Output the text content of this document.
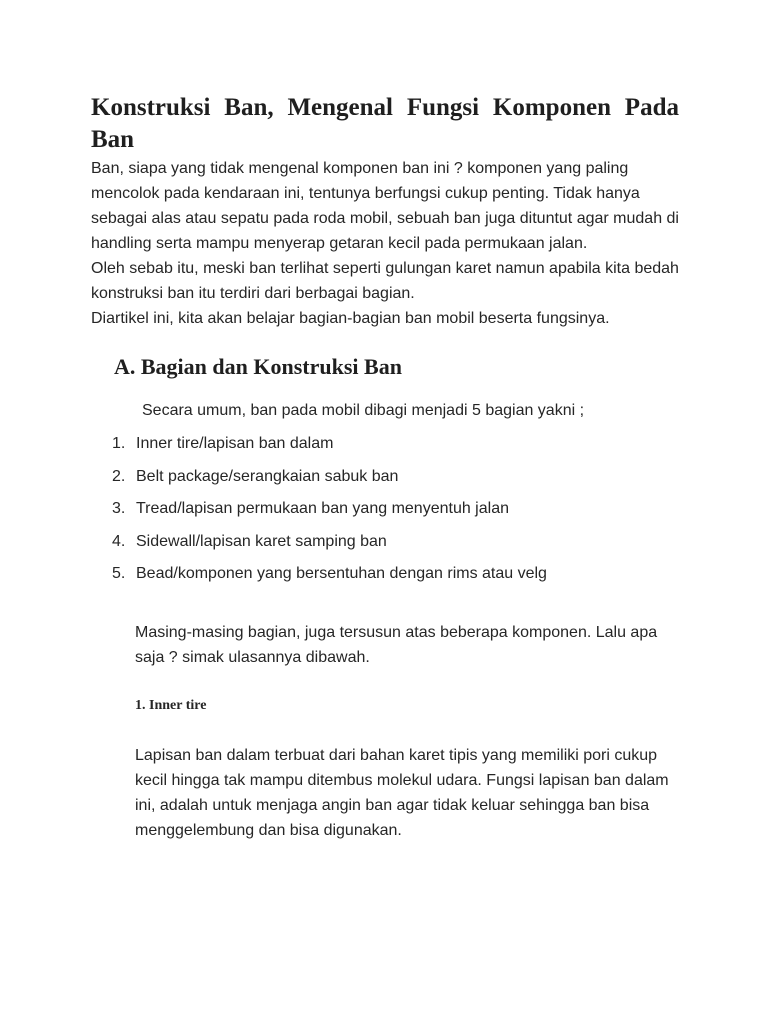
Konstruksi Ban, Mengenal Fungsi Komponen Pada Ban

Ban, siapa yang tidak mengenal komponen ban ini ? komponen yang paling mencolok pada kendaraan ini, tentunya berfungsi cukup penting. Tidak hanya sebagai alas atau sepatu pada roda mobil, sebuah ban juga dituntut agar mudah di handling serta mampu menyerap getaran kecil pada permukaan jalan.

Oleh sebab itu, meski ban terlihat seperti gulungan karet namun apabila kita bedah konstruksi ban itu terdiri dari berbagai bagian.

Diartikel ini, kita akan belajar bagian-bagian ban mobil beserta fungsinya.

A. Bagian dan Konstruksi Ban

Secara umum, ban pada mobil dibagi menjadi 5 bagian yakni ;

1. Inner tire/lapisan ban dalam
2. Belt package/serangkaian sabuk ban
3. Tread/lapisan permukaan ban yang menyentuh jalan
4. Sidewall/lapisan karet samping ban
5. Bead/komponen yang bersentuhan dengan rims atau velg

Masing-masing bagian, juga tersusun atas beberapa komponen. Lalu apa saja ? simak ulasannya dibawah.

1. Inner tire

Lapisan ban dalam terbuat dari bahan karet tipis yang memiliki pori cukup kecil hingga tak mampu ditembus molekul udara. Fungsi lapisan ban dalam ini, adalah untuk menjaga angin ban agar tidak keluar sehingga ban bisa menggelembung dan bisa digunakan.
